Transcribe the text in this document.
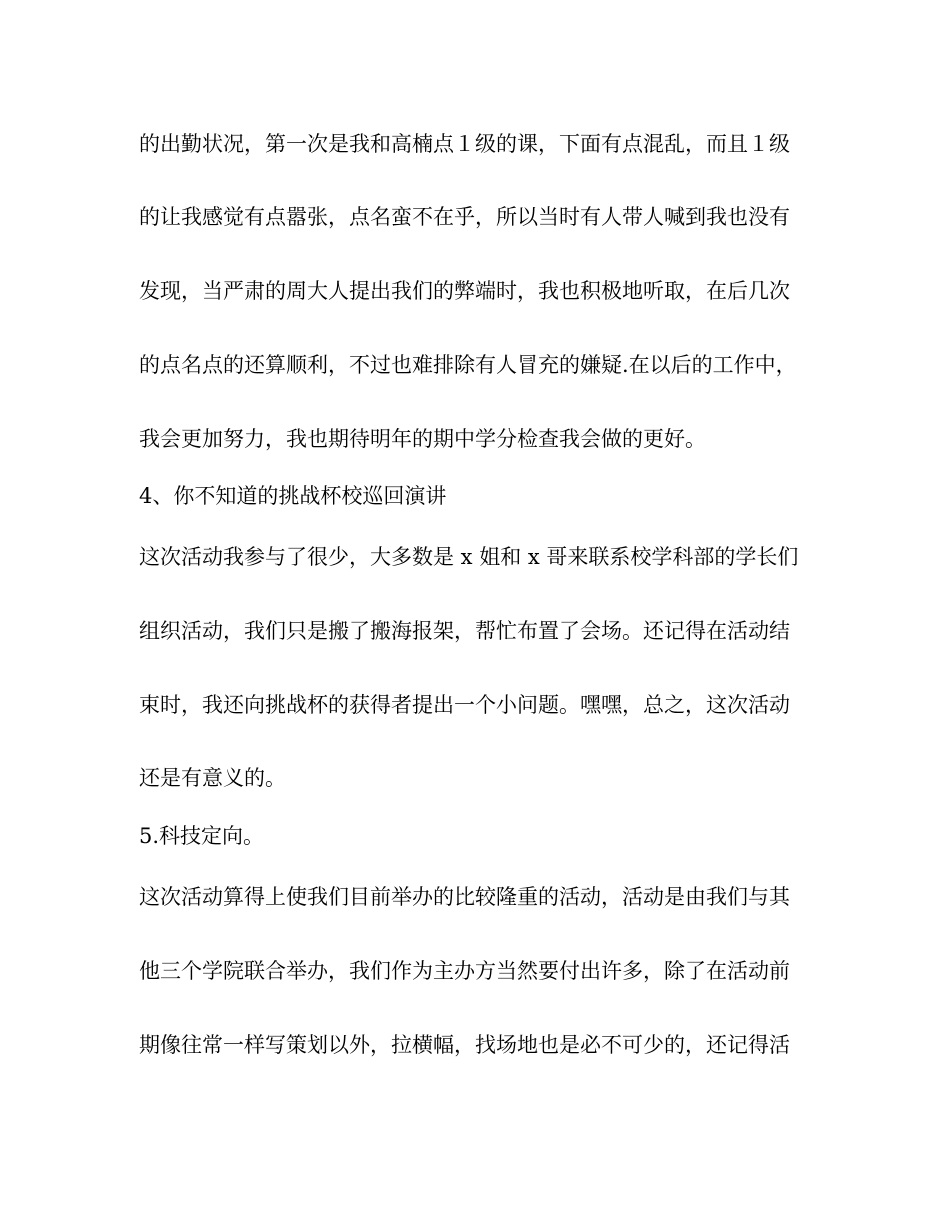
的出勤状况，第一次是我和高楠点１级的课，下面有点混乱，而且１级
的让我感觉有点嚣张，点名蛮不在乎，所以当时有人带人喊到我也没有
发现，当严肃的周大人提出我们的弊端时，我也积极地听取，在后几次
的点名点的还算顺利，不过也难排除有人冒充的嫌疑.在以后的工作中，
我会更加努力，我也期待明年的期中学分检查我会做的更好。
4、你不知道的挑战杯校巡回演讲
这次活动我参与了很少，大多数是 x 姐和 x 哥来联系校学科部的学长们
组织活动，我们只是搬了搬海报架，帮忙布置了会场。还记得在活动结
束时，我还向挑战杯的获得者提出一个小问题。嘿嘿，总之，这次活动
还是有意义的。
5.科技定向。
这次活动算得上使我们目前举办的比较隆重的活动，活动是由我们与其
他三个学院联合举办，我们作为主办方当然要付出许多，除了在活动前
期像往常一样写策划以外，拉横幅，找场地也是必不可少的，还记得活
